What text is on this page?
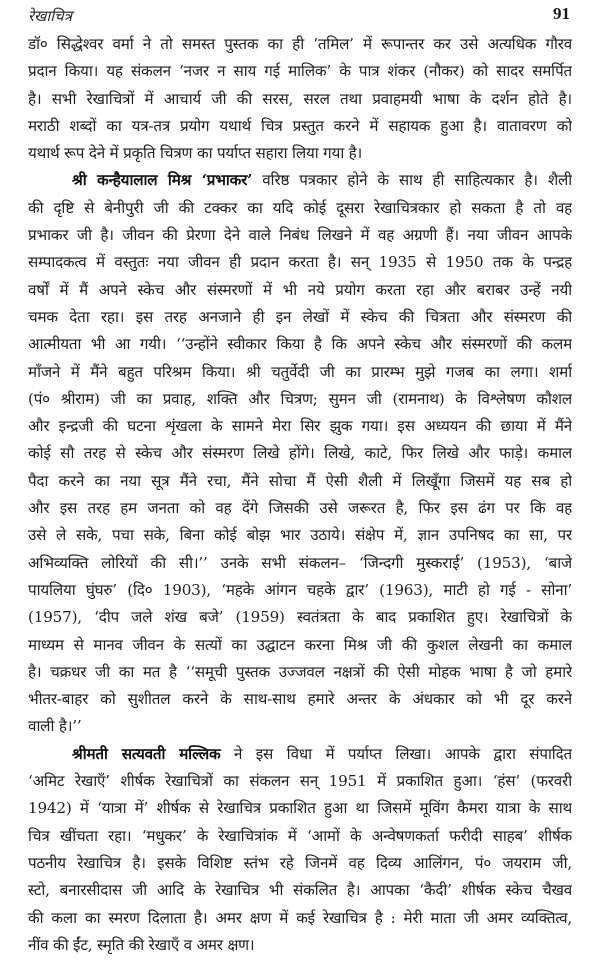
रेखाचित्र	91
डॉ० सिद्धेश्वर वर्मा ने तो समस्त पुस्तक का ही ‘तमिल’ में रूपान्तर कर उसे अत्यधिक गौरव
प्रदान किया। यह संकलन ‘नजर न साय गई मालिक’ के पात्र शंकर (नौकर) को सादर समर्पित
है। सभी रेखाचित्रों में आचार्य जी की सरस, सरल तथा प्रवाहमयी भाषा के दर्शन होते है।
मराठी शब्दों का यत्र-तत्र प्रयोग यथार्थ चित्र प्रस्तुत करने में सहायक हुआ है। वातावरण को
यथार्थ रूप देने में प्रकृति चित्रण का पर्याप्त सहारा लिया गया है।
श्री कन्हैयालाल मिश्र ‘प्रभाकर’ वरिष्ठ पत्रकार होने के साथ ही साहित्यकार है। शैली
की दृष्टि से बेनीपुरी जी की टक्कर का यदि कोई दूसरा रेखाचित्रकार हो सकता है तो वह
प्रभाकर जी है। जीवन की प्रेरणा देने वाले निबंध लिखने में वह अग्रणी हैं। नया जीवन आपके
सम्पादकत्व में वस्तुतः नया जीवन ही प्रदान करता है। सन् 1935 से 1950 तक के पन्द्रह
वर्षों में मैं अपने स्केच और संस्मरणों में भी नये प्रयोग करता रहा और बराबर उन्हें नयी
चमक देता रहा। इस तरह अनजाने ही इन लेखों में स्केच की चित्रता और संस्मरण की
आत्मीयता भी आ गयी। ‘‘उन्होंने स्वीकार किया है कि अपने स्केच और संस्मरणों की कलम
माँजने में मैंने बहुत परिश्रम किया। श्री चतुर्वेदी जी का प्रारम्भ मुझे गजब का लगा। शर्मा
(पं० श्रीराम) जी का प्रवाह, शक्ति और चित्रण; सुमन जी (रामनाथ) के विश्लेषण कौशल
और इन्द्रजी की घटना शृंखला के सामने मेरा सिर झुक गया। इस अध्ययन की छाया में मैंने
कोई सौ तरह से स्केच और संस्मरण लिखे होंगे। लिखे, काटे, फिर लिखे और फाड़े। कमाल
पैदा करने का नया सूत्र मैंने रचा, मैंने सोचा मैं ऐसी शैली में लिखूँगा जिसमें यह सब हो
और इस तरह हम जनता को वह देंगे जिसकी उसे जरूरत है, फिर इस ढंग पर कि वह
उसे ले सके, पचा सके, बिना कोई बोझ भार उठाये। संक्षेप में, ज्ञान उपनिषद का सा, पर
अभिव्यक्ति लोरियों की सी।’’ उनके सभी संकलन– ‘जिन्दगी मुस्कराई’ (1953), ‘बाजे
पायलिया घुंघरु’ (दि० 1903), ‘महके आंगन चहके द्वार’ (1963), माटी हो गई - सोना’
(1957), ‘दीप जले शंख बजे’ (1959) स्वतंत्रता के बाद प्रकाशित हुए। रेखाचित्रों के
माध्यम से मानव जीवन के सत्यों का उद्घाटन करना मिश्र जी की कुशल लेखनी का कमाल
है। चक्रधर जी का मत है ‘‘समूची पुस्तक उज्जवल नक्षत्रों की ऐसी मोहक भाषा है जो हमारे
भीतर-बाहर को सुशीतल करने के साथ-साथ हमारे अन्तर के अंधकार को भी दूर करने
वाली है।’’
श्रीमती सत्यवती मल्लिक ने इस विधा में पर्याप्त लिखा। आपके द्वारा संपादित
‘अमिट रेखाएँ’ शीर्षक रेखाचित्रों का संकलन सन् 1951 में प्रकाशित हुआ। ‘हंस’ (फरवरी
1942) में ‘यात्रा में’ शीर्षक से रेखाचित्र प्रकाशित हुआ था जिसमें मूविंग कैमरा यात्रा के साथ
चित्र खींचता रहा। ‘मधुकर’ के रेखाचित्रांक में ‘आमों के अन्वेषणकर्ता फरीदी साहब’ शीर्षक
पठनीय रेखाचित्र है। इसके विशिष्ट स्तंभ रहे जिनमें वह दिव्य आलिंगन, पं० जयराम जी,
स्टो, बनारसीदास जी आदि के रेखाचित्र भी संकलित है। आपका ‘कैदी’ शीर्षक स्केच चैखव
की कला का स्मरण दिलाता है। अमर क्षण में कई रेखाचित्र है : मेरी माता जी अमर व्यक्तित्व,
नींव की ईंट, स्मृति की रेखाएँ व अमर क्षण।
